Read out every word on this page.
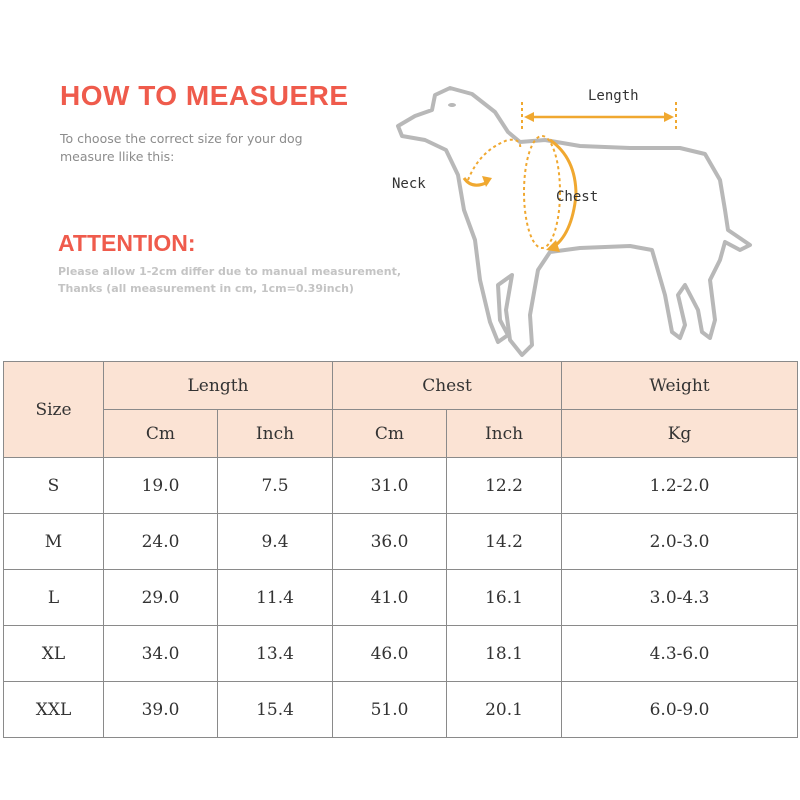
HOW TO MEASUERE
To choose the correct size for your dog
measure llike this:
ATTENTION:
Please allow 1-2cm differ due to manual measurement,
Thanks (all measurement in cm, 1cm=0.39inch)
Length
Neck
Chest
Size	Length		Chest		Weight
	Cm	Inch	Cm	Inch	Kg
S	19.0	7.5	31.0	12.2	1.2-2.0
M	24.0	9.4	36.0	14.2	2.0-3.0
L	29.0	11.4	41.0	16.1	3.0-4.3
XL	34.0	13.4	46.0	18.1	4.3-6.0
XXL	39.0	15.4	51.0	20.1	6.0-9.0
